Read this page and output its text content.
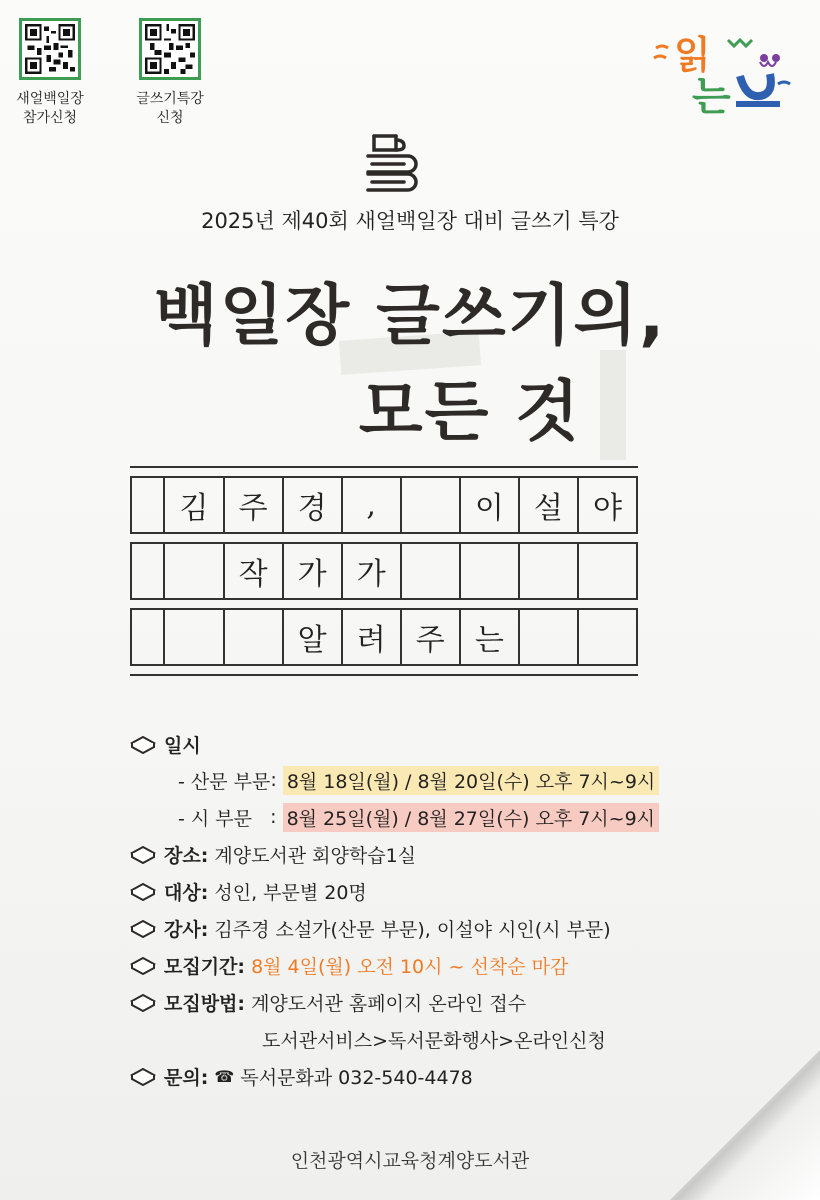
새얼백일장
참가신청
글쓰기특강
신청
읽
는
2025년 제40회 새얼백일장 대비 글쓰기 특강
백일장 글쓰기의,
모든 것
김	주	경	,	이	설	야
작	가	가
알	려	주	는
일시
- 산문 부문 : 8월 18일(월) / 8월 20일(수) 오후 7시~9시
- 시 부문 : 8월 25일(월) / 8월 27일(수) 오후 7시~9시
장소:
계양도서관 회양학습1실
대상:
성인, 부문별 20명
강사:
김주경 소설가(산문 부문), 이설야 시인(시 부문)
모집기간:
8월 4일(월) 오전 10시 ~ 선착순 마감
모집방법:
계양도서관 홈페이지 온라인 접수
도서관서비스>독서문화행사>온라인신청
문의:
☎
독서문화과 032-540-4478
인천광역시교육청계양도서관
